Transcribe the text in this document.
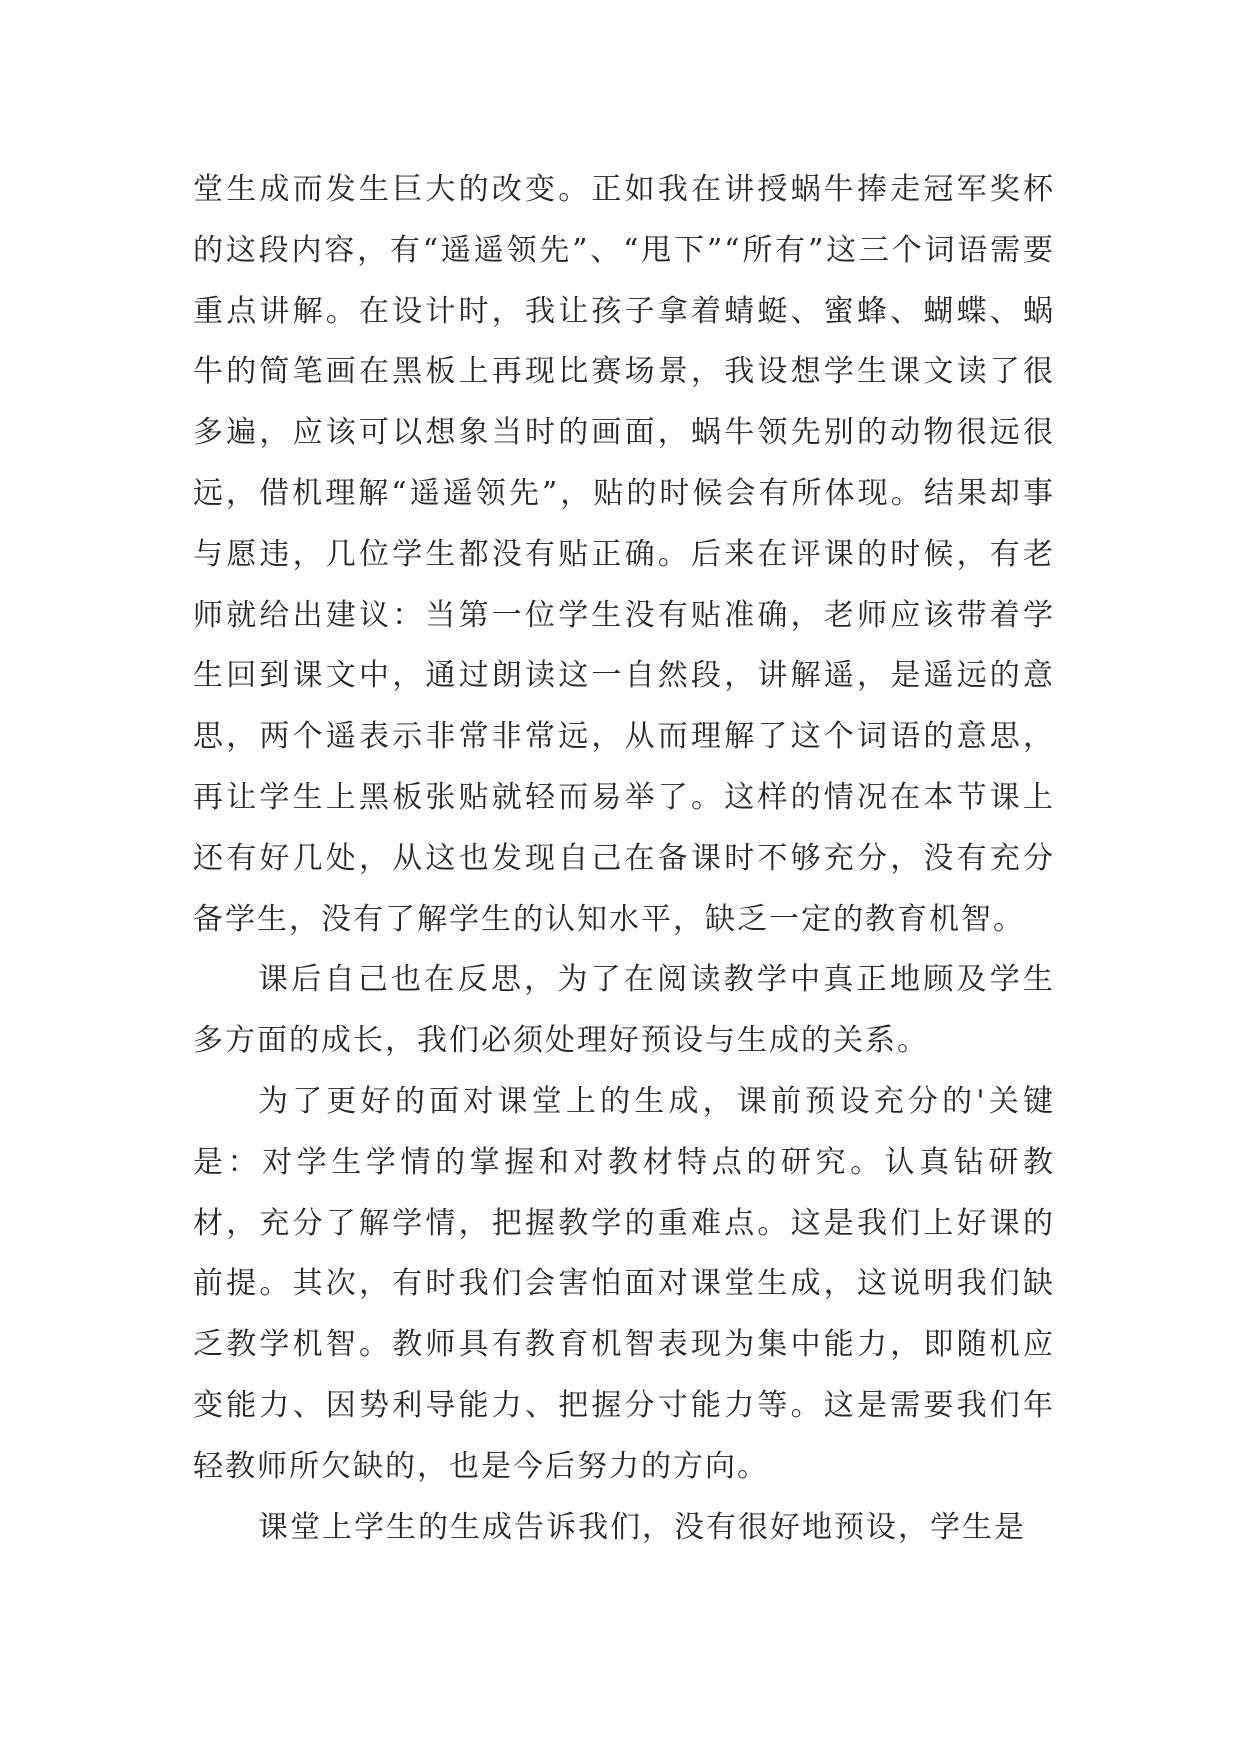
堂生成而发生巨大的改变。正如我在讲授蜗牛捧走冠军奖杯的这段内容，有“遥遥领先”、“甩下”“所有”这三个词语需要重点讲解。在设计时，我让孩子拿着蜻蜓、蜜蜂、蝴蝶、蜗牛的简笔画在黑板上再现比赛场景，我设想学生课文读了很多遍，应该可以想象当时的画面，蜗牛领先别的动物很远很远，借机理解“遥遥领先”，贴的时候会有所体现。结果却事与愿违，几位学生都没有贴正确。后来在评课的时候，有老师就给出建议：当第一位学生没有贴准确，老师应该带着学生回到课文中，通过朗读这一自然段，讲解遥，是遥远的意思，两个遥表示非常非常远，从而理解了这个词语的意思，再让学生上黑板张贴就轻而易举了。这样的情况在本节课上还有好几处，从这也发现自己在备课时不够充分，没有充分备学生，没有了解学生的认知水平，缺乏一定的教育机智。

课后自己也在反思，为了在阅读教学中真正地顾及学生多方面的成长，我们必须处理好预设与生成的关系。

为了更好的面对课堂上的生成，课前预设充分的'关键是：对学生学情的掌握和对教材特点的研究。认真钻研教材，充分了解学情，把握教学的重难点。这是我们上好课的前提。其次，有时我们会害怕面对课堂生成，这说明我们缺乏教学机智。教师具有教育机智表现为集中能力，即随机应变能力、因势利导能力、把握分寸能力等。这是需要我们年轻教师所欠缺的，也是今后努力的方向。

课堂上学生的生成告诉我们，没有很好地预设，学生是
